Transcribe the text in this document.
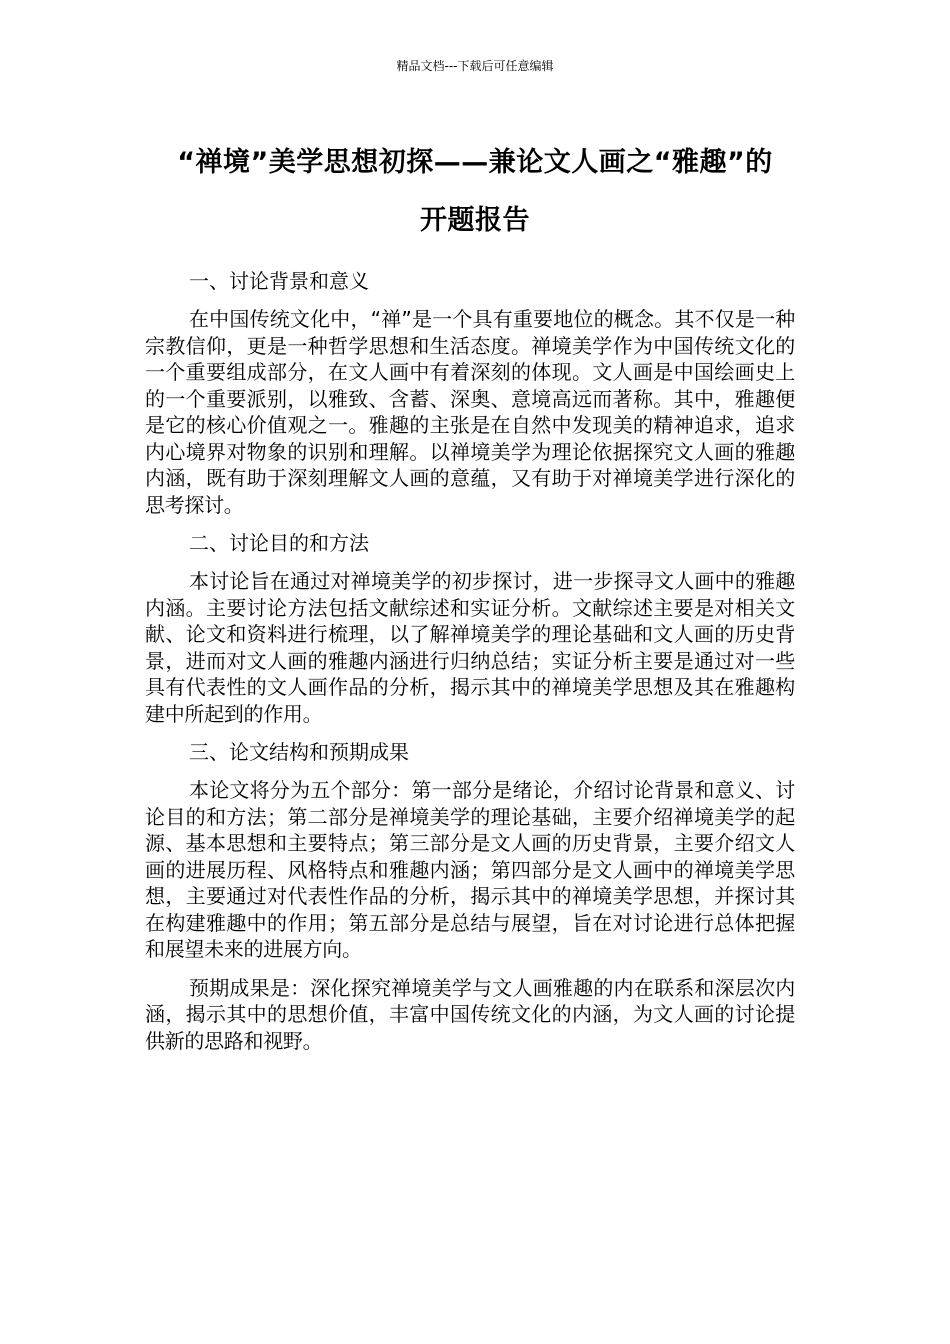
精品文档---下载后可任意编辑
“禅境”美学思想初探——兼论文人画之“雅趣”的
开题报告
一、讨论背景和意义
在中国传统文化中，“禅”是一个具有重要地位的概念。其不仅是一种宗教信仰，更是一种哲学思想和生活态度。禅境美学作为中国传统文化的一个重要组成部分，在文人画中有着深刻的体现。文人画是中国绘画史上的一个重要派别，以雅致、含蓄、深奥、意境高远而著称。其中，雅趣便是它的核心价值观之一。雅趣的主张是在自然中发现美的精神追求，追求内心境界对物象的识别和理解。以禅境美学为理论依据探究文人画的雅趣内涵，既有助于深刻理解文人画的意蕴，又有助于对禅境美学进行深化的思考探讨。
二、讨论目的和方法
本讨论旨在通过对禅境美学的初步探讨，进一步探寻文人画中的雅趣内涵。主要讨论方法包括文献综述和实证分析。文献综述主要是对相关文献、论文和资料进行梳理，以了解禅境美学的理论基础和文人画的历史背景，进而对文人画的雅趣内涵进行归纳总结；实证分析主要是通过对一些具有代表性的文人画作品的分析，揭示其中的禅境美学思想及其在雅趣构建中所起到的作用。
三、论文结构和预期成果
本论文将分为五个部分：第一部分是绪论，介绍讨论背景和意义、讨论目的和方法；第二部分是禅境美学的理论基础，主要介绍禅境美学的起源、基本思想和主要特点；第三部分是文人画的历史背景，主要介绍文人画的进展历程、风格特点和雅趣内涵；第四部分是文人画中的禅境美学思想，主要通过对代表性作品的分析，揭示其中的禅境美学思想，并探讨其在构建雅趣中的作用；第五部分是总结与展望，旨在对讨论进行总体把握和展望未来的进展方向。
预期成果是：深化探究禅境美学与文人画雅趣的内在联系和深层次内涵，揭示其中的思想价值，丰富中国传统文化的内涵，为文人画的讨论提供新的思路和视野。
